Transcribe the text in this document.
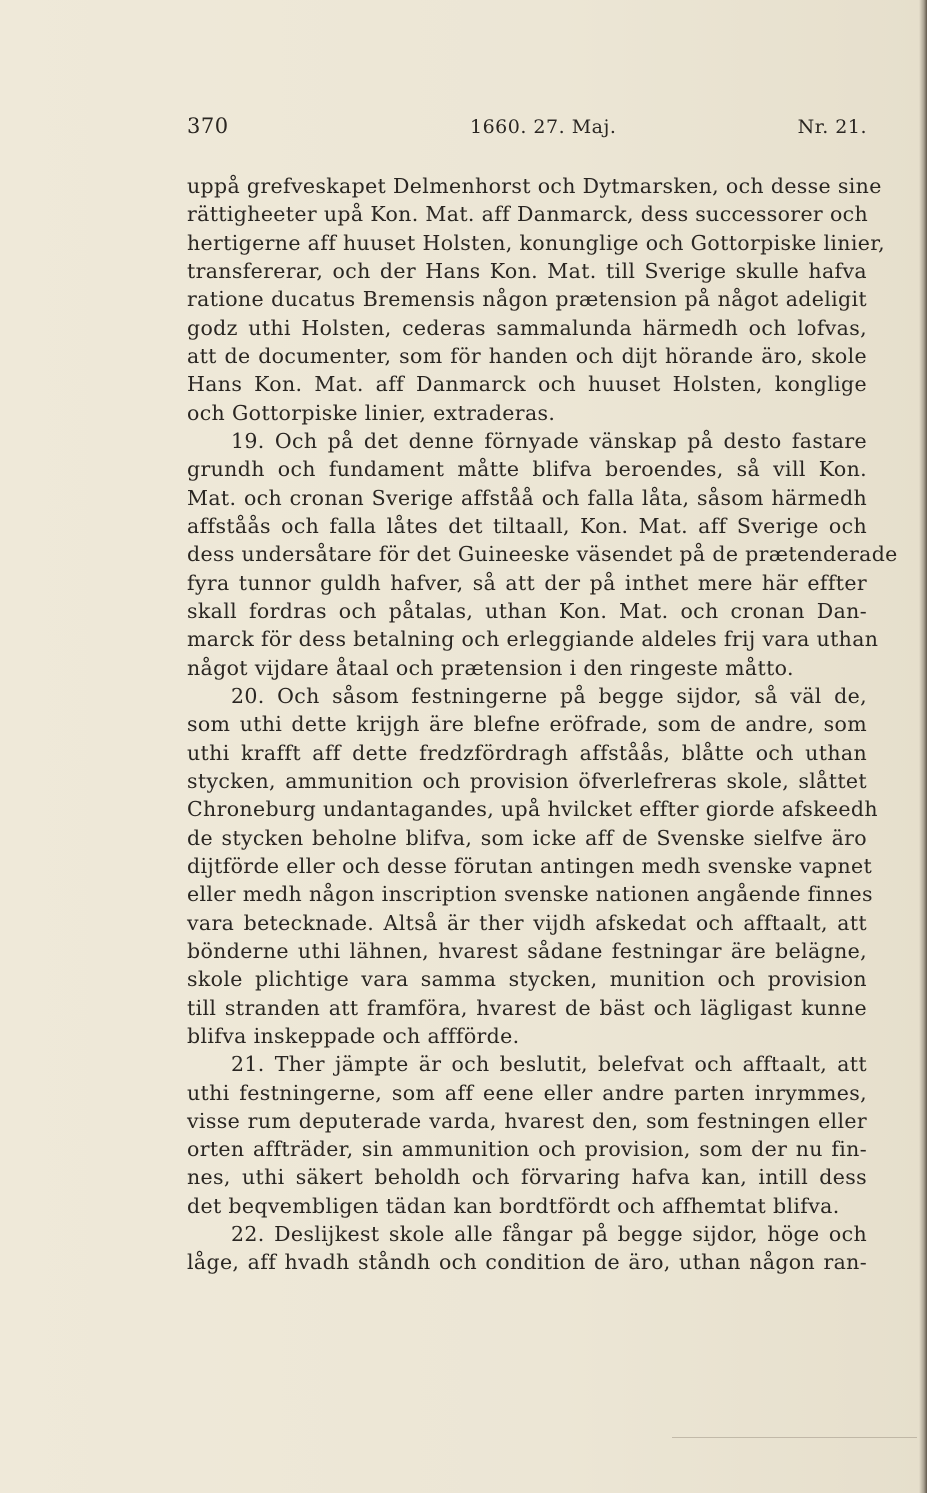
370	1660. 27. Maj.	Nr. 21.
uppå grefveskapet Delmenhorst och Dytmarsken, och desse sine
rättigheeter upå Kon. Mat. aff Danmarck, dess successorer och
hertigerne aff huuset Holsten, konunglige och Gottorpiske linier,
transfererar, och der Hans Kon. Mat. till Sverige skulle hafva
ratione ducatus Bremensis någon prætension på något adeligit
godz uthi Holsten, cederas sammalunda härmedh och lofvas,
att de documenter, som för handen och dijt hörande äro, skole
Hans Kon. Mat. aff Danmarck och huuset Holsten, konglige
och Gottorpiske linier, extraderas.
19. Och på det denne förnyade vänskap på desto fastare
grundh och fundament måtte blifva beroendes, så vill Kon.
Mat. och cronan Sverige affståå och falla låta, såsom härmedh
affståås och falla låtes det tiltaall, Kon. Mat. aff Sverige och
dess undersåtare för det Guineeske väsendet på de prætenderade
fyra tunnor guldh hafver, så att der på inthet mere här effter
skall fordras och påtalas, uthan Kon. Mat. och cronan Dan-
marck för dess betalning och erleggiande aldeles frij vara uthan
något vijdare åtaal och prætension i den ringeste måtto.
20. Och såsom festningerne på begge sijdor, så väl de,
som uthi dette krijgh äre blefne eröfrade, som de andre, som
uthi krafft aff dette fredzfördragh affståås, blåtte och uthan
stycken, ammunition och provision öfverlefreras skole, slåttet
Chroneburg undantagandes, upå hvilcket effter giorde afskeedh
de stycken beholne blifva, som icke aff de Svenske sielfve äro
dijtförde eller och desse förutan antingen medh svenske vapnet
eller medh någon inscription svenske nationen angående finnes
vara betecknade. Altså är ther vijdh afskedat och afftaalt, att
bönderne uthi lähnen, hvarest sådane festningar äre belägne,
skole plichtige vara samma stycken, munition och provision
till stranden att framföra, hvarest de bäst och lägligast kunne
blifva inskeppade och affförde.
21. Ther jämpte är och beslutit, belefvat och afftaalt, att
uthi festningerne, som aff eene eller andre parten inrymmes,
visse rum deputerade varda, hvarest den, som festningen eller
orten affträder, sin ammunition och provision, som der nu fin-
nes, uthi säkert beholdh och förvaring hafva kan, intill dess
det beqvembligen tädan kan bordtfördt och affhemtat blifva.
22. Deslijkest skole alle fångar på begge sijdor, höge och
låge, aff hvadh ståndh och condition de äro, uthan någon ran-
